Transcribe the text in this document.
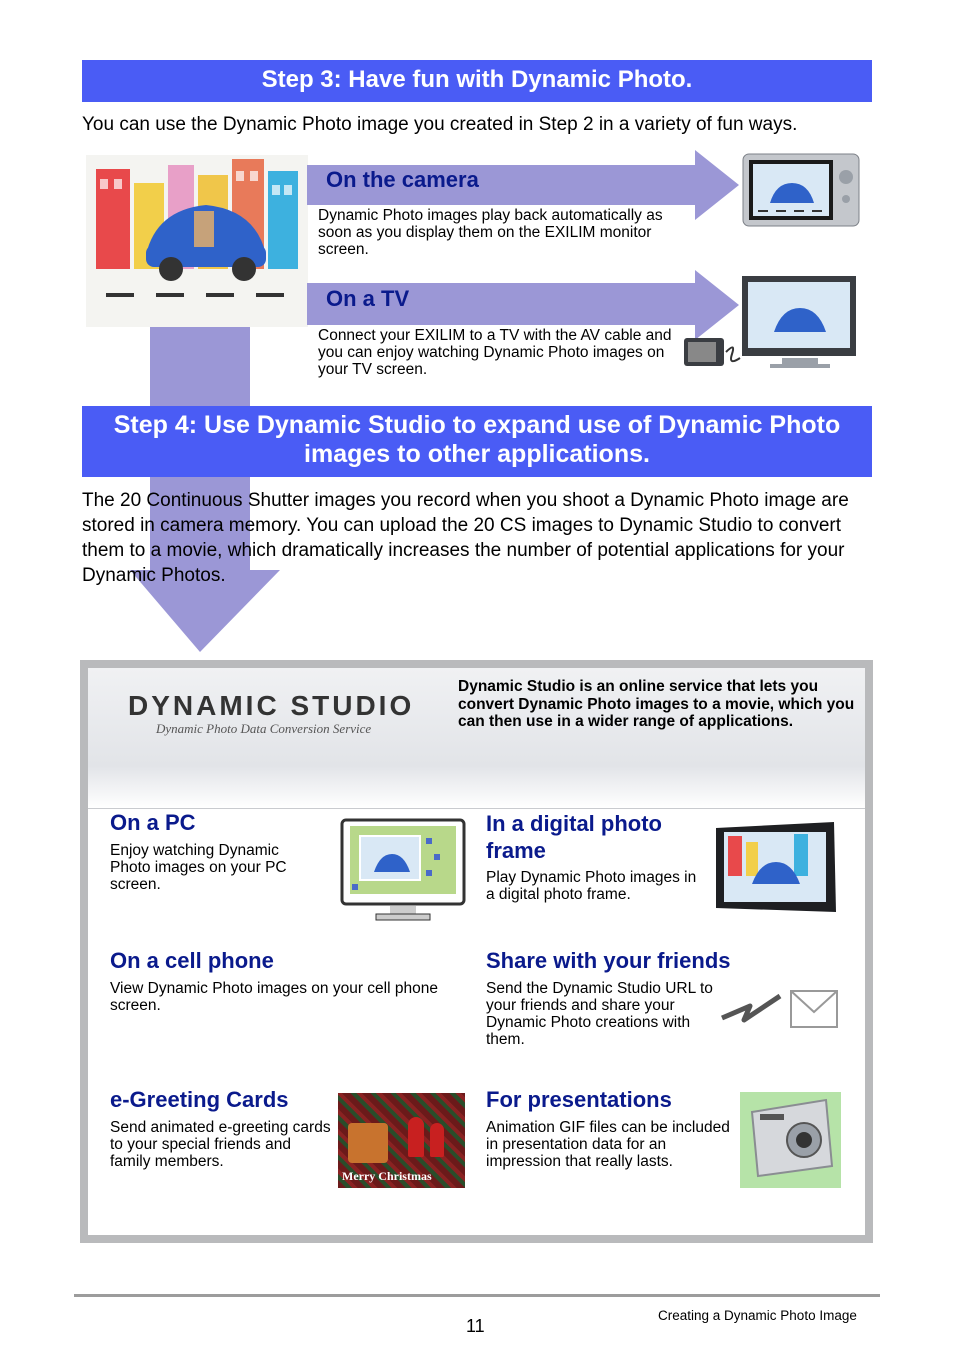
Step 3: Have fun with Dynamic Photo.
You can use the Dynamic Photo image you created in Step 2 in a variety of fun ways.
On the camera
Dynamic Photo images play back automatically as soon as you display them on the EXILIM monitor screen.
On a TV
Connect your EXILIM to a TV with the AV cable and you can enjoy watching Dynamic Photo images on your TV screen.
Step 4: Use Dynamic Studio to expand use of Dynamic Photo
images to other applications.
The 20 Continuous Shutter images you record when you shoot a Dynamic Photo image are stored in camera memory. You can upload the 20 CS images to Dynamic Studio to convert them to a movie, which dramatically increases the number of potential applications for your Dynamic Photos.
DYNAMIC STUDIO
Dynamic Photo Data Conversion Service
Dynamic Studio is an online service that lets you convert Dynamic Photo images to a movie, which you can then use in a wider range of applications.
On a PC
Enjoy watching Dynamic Photo images on your PC screen.
In a digital photo frame
Play Dynamic Photo images in a digital photo frame.
On a cell phone
View Dynamic Photo images on your cell phone screen.
Share with your friends
Send the Dynamic Studio URL to your friends and share your Dynamic Photo creations with them.
e-Greeting Cards
Send animated e-greeting cards to your special friends and family members.
Merry Christmas
For presentations
Animation GIF files can be included in presentation data for an impression that really lasts.
11
Creating a Dynamic Photo Image
